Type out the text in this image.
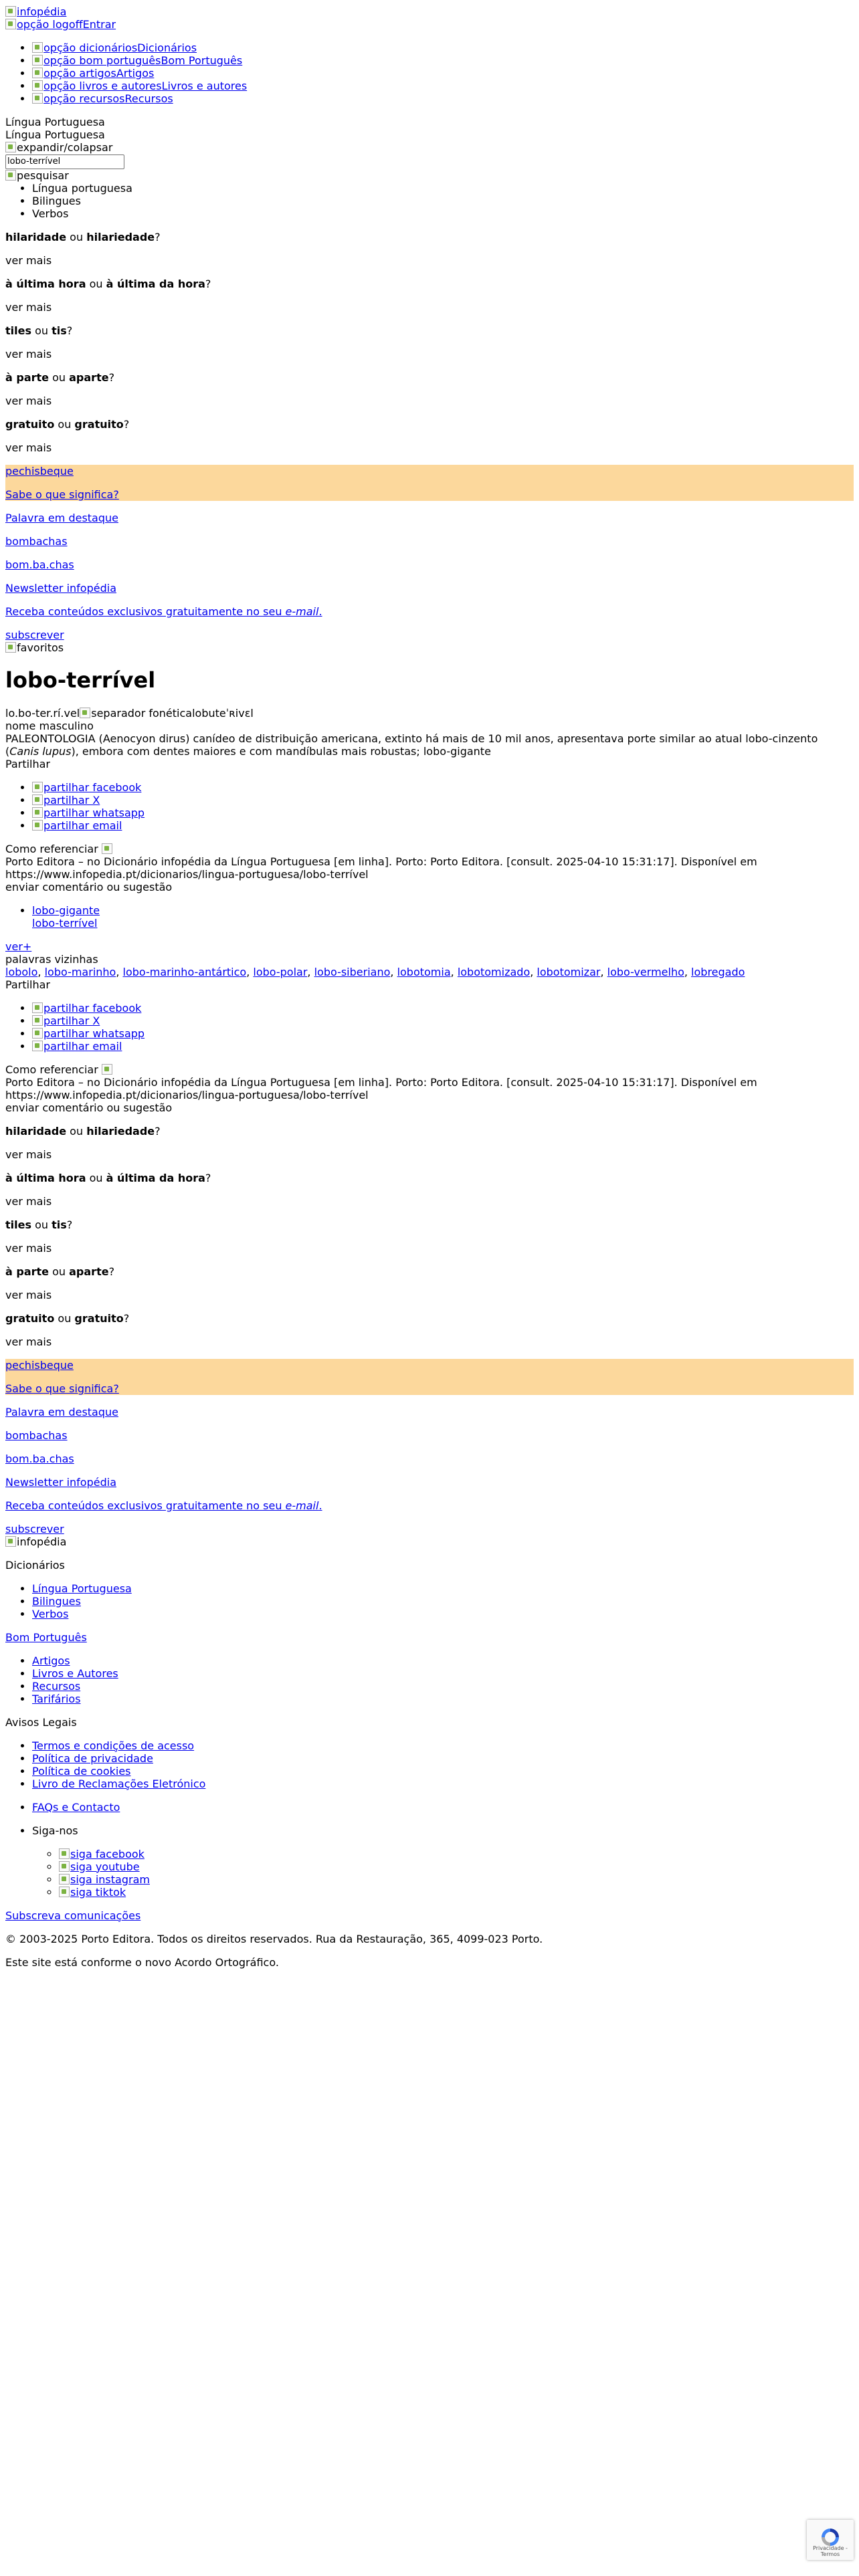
infopédia
opção logoffEntrar
• opção dicionáriosDicionários
• opção bom portuguêsBom Português
• opção artigosArtigos
• opção livros e autoresLivros e autores
• opção recursosRecursos
Língua Portuguesa
Língua Portuguesa
expandir/colapsar
lobo-terrível
pesquisar
• Língua portuguesa
• Bilingues
• Verbos

hilaridade ou hilariedade?

ver mais

à última hora ou à última da hora?

ver mais

tiles ou tis?

ver mais

à parte ou aparte?

ver mais

gratuito ou gratuito?

ver mais

pechisbeque

Sabe o que significa?

Palavra em destaque

bombachas

bom.ba.chas

Newsletter infopédia

Receba conteúdos exclusivos gratuitamente no seu e-mail.

subscrever
favoritos
lobo-terrível
lo.bo-ter.rí.vel separador fonéticalobuteˈʀivɛl
nome masculino
PALEONTOLOGIA (Aenocyon dirus) canídeo de distribuição americana, extinto há mais de 10 mil anos, apresentava porte similar ao atual lobo-cinzento (Canis lupus), embora com dentes maiores e com mandíbulas mais robustas; lobo-gigante
Partilhar
• partilhar facebook
• partilhar X
• partilhar whatsapp
• partilhar email
Como referenciar
Porto Editora – no Dicionário infopédia da Língua Portuguesa [em linha]. Porto: Porto Editora. [consult. 2025-04-10 15:31:17]. Disponível em https://www.infopedia.pt/dicionarios/lingua-portuguesa/lobo-terrível
enviar comentário ou sugestão
• lobo-gigante
lobo-terrível
ver+
palavras vizinhas
lobolo, lobo-marinho, lobo-marinho-antártico, lobo-polar, lobo-siberiano, lobotomia, lobotomizado, lobotomizar, lobo-vermelho, lobregado
Partilhar
• partilhar facebook
• partilhar X
• partilhar whatsapp
• partilhar email
Como referenciar
Porto Editora – no Dicionário infopédia da Língua Portuguesa [em linha]. Porto: Porto Editora. [consult. 2025-04-10 15:31:17]. Disponível em https://www.infopedia.pt/dicionarios/lingua-portuguesa/lobo-terrível
enviar comentário ou sugestão

hilaridade ou hilariedade?

ver mais

à última hora ou à última da hora?

ver mais

tiles ou tis?

ver mais

à parte ou aparte?

ver mais

gratuito ou gratuito?

ver mais

pechisbeque

Sabe o que significa?

Palavra em destaque

bombachas

bom.ba.chas

Newsletter infopédia

Receba conteúdos exclusivos gratuitamente no seu e-mail.

subscrever
infopédia

Dicionários

• Língua Portuguesa
• Bilingues
• Verbos

Bom Português

• Artigos
• Livros e Autores
• Recursos
• Tarifários

Avisos Legais

• Termos e condições de acesso
• Política de privacidade
• Política de cookies
• Livro de Reclamações Eletrónico
• FAQs e Contacto
• Siga-nos
◦ siga facebook
◦ siga youtube
◦ siga instagram
◦ siga tiktok

Subscreva comunicações

© 2003-2025 Porto Editora. Todos os direitos reservados. Rua da Restauração, 365, 4099-023 Porto.

Este site está conforme o novo Acordo Ortográfico.

Privacidade - Termos
